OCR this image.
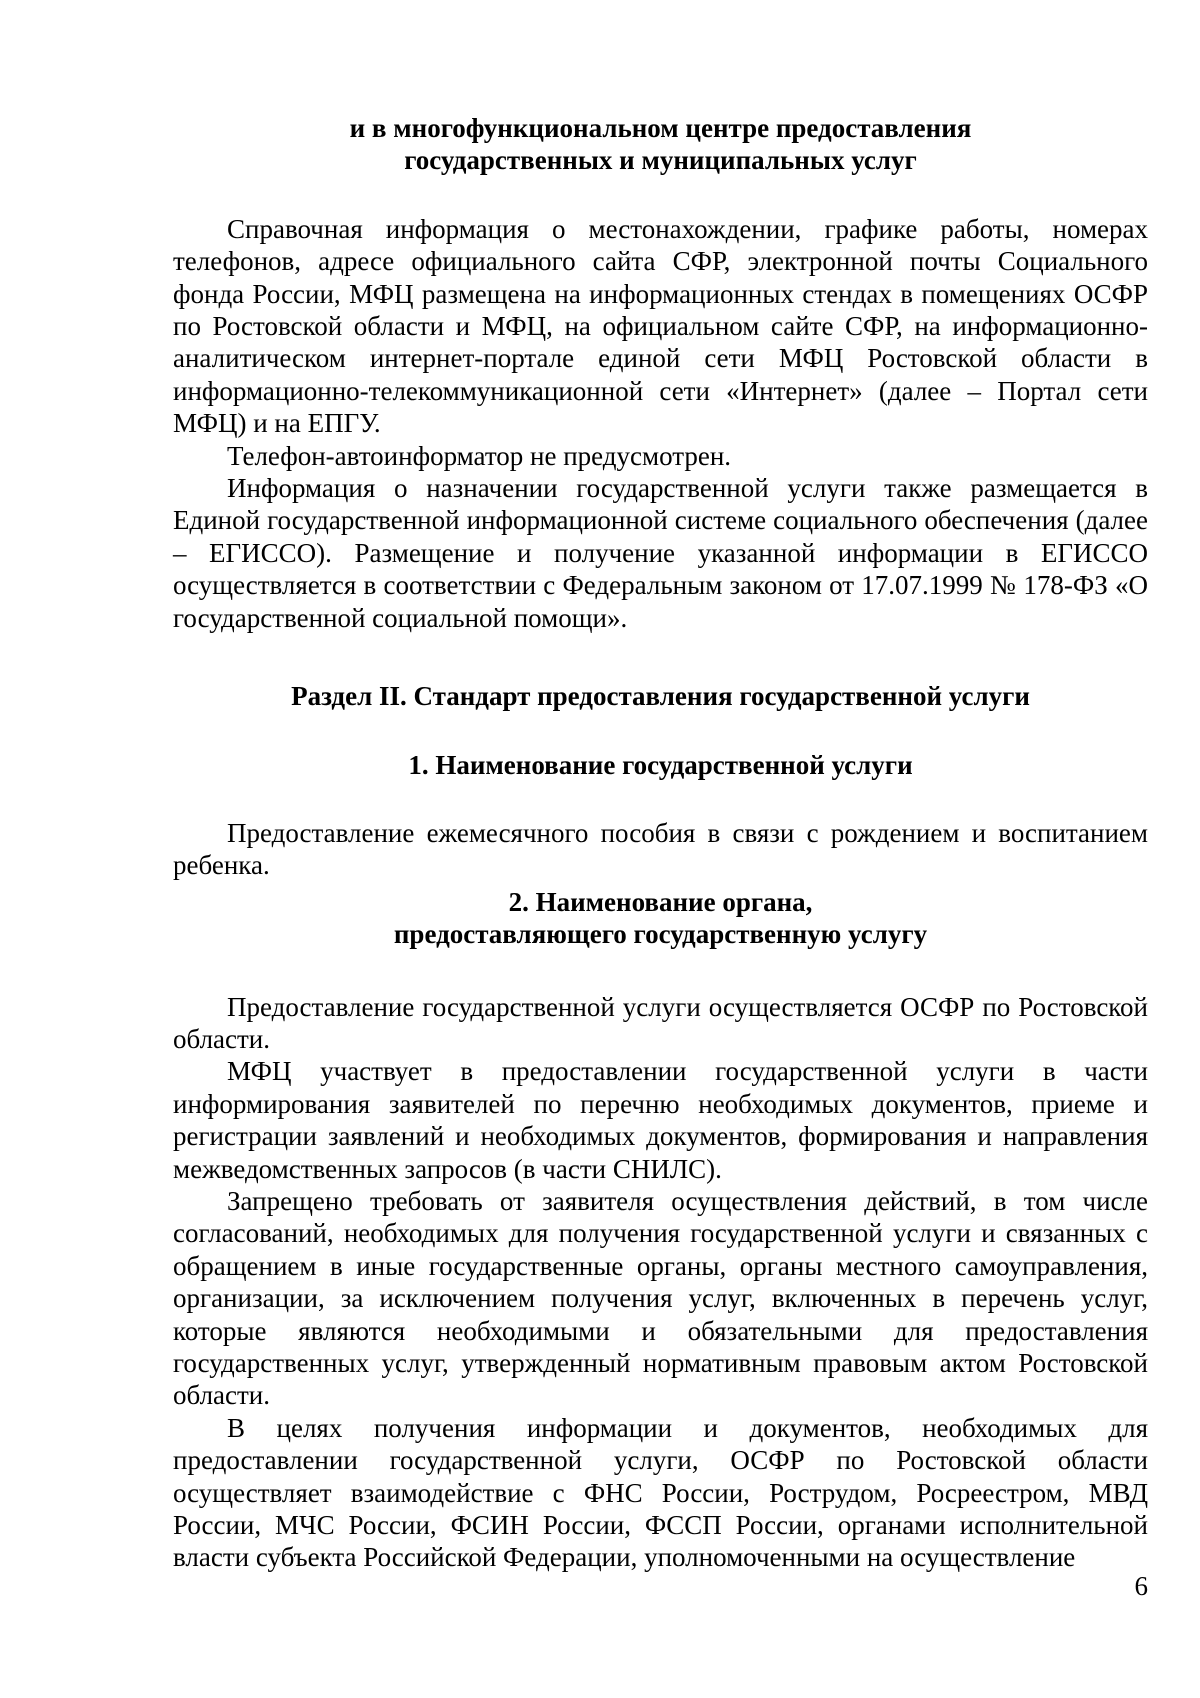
и в многофункциональном центре предоставления
государственных и муниципальных услуг

Справочная информация о местонахождении, графике работы, номерах телефонов, адресе официального сайта СФР, электронной почты Социального фонда России, МФЦ размещена на информационных стендах в помещениях ОСФР по Ростовской области и МФЦ, на официальном сайте СФР, на информационно-аналитическом интернет-портале единой сети МФЦ Ростовской области в информационно-телекоммуникационной сети «Интернет» (далее – Портал сети МФЦ) и на ЕПГУ.

Телефон-автоинформатор не предусмотрен.

Информация о назначении государственной услуги также размещается в Единой государственной информационной системе социального обеспечения (далее – ЕГИССО). Размещение и получение указанной информации в ЕГИССО осуществляется в соответствии с Федеральным законом от 17.07.1999 № 178-ФЗ «О государственной социальной помощи».

Раздел II. Стандарт предоставления государственной услуги
1. Наименование государственной услуги

Предоставление ежемесячного пособия в связи с рождением и воспитанием ребенка.

2. Наименование органа,
предоставляющего государственную услугу

Предоставление государственной услуги осуществляется ОСФР по Ростовской области.

МФЦ участвует в предоставлении государственной услуги в части информирования заявителей по перечню необходимых документов, приеме и регистрации заявлений и необходимых документов, формирования и направления межведомственных запросов (в части СНИЛС).

Запрещено требовать от заявителя осуществления действий, в том числе согласований, необходимых для получения государственной услуги и связанных с обращением в иные государственные органы, органы местного самоуправления, организации, за исключением получения услуг, включенных в перечень услуг, которые являются необходимыми и обязательными для предоставления государственных услуг, утвержденный нормативным правовым актом Ростовской области.

В целях получения информации и документов, необходимых для предоставлении государственной услуги, ОСФР по Ростовской области осуществляет взаимодействие с ФНС России, Рострудом, Росреестром, МВД России, МЧС России, ФСИН России, ФССП России, органами исполнительной власти субъекта Российской Федерации, уполномоченными на осуществление

6
